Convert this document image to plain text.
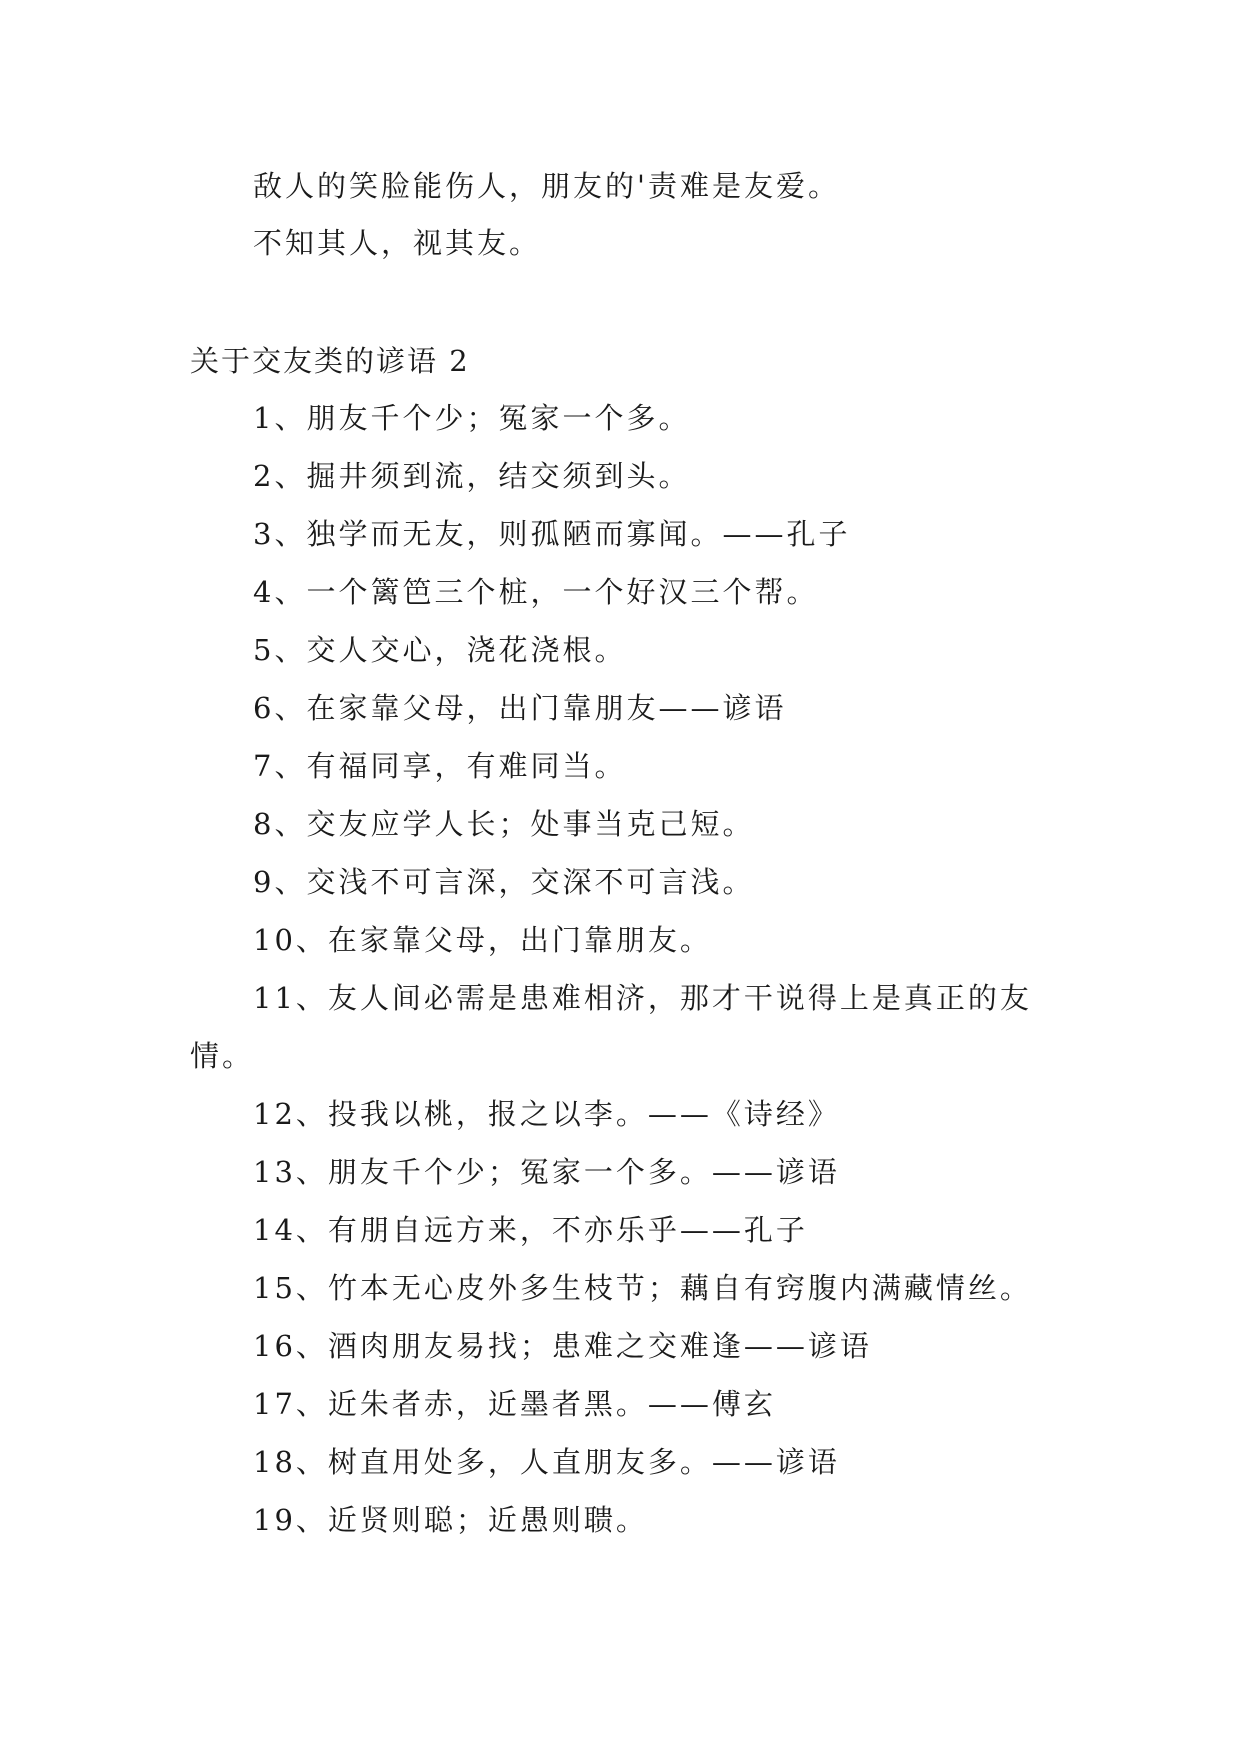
敌人的笑脸能伤人，朋友的'责难是友爱。
不知其人，视其友。
关于交友类的谚语 2
1、朋友千个少；冤家一个多。
2、掘井须到流，结交须到头。
3、独学而无友，则孤陋而寡闻。——孔子
4、一个篱笆三个桩，一个好汉三个帮。
5、交人交心，浇花浇根。
6、在家靠父母，出门靠朋友——谚语
7、有福同享，有难同当。
8、交友应学人长；处事当克己短。
9、交浅不可言深，交深不可言浅。
10、在家靠父母，出门靠朋友。
11、友人间必需是患难相济，那才干说得上是真正的友
情。
12、投我以桃，报之以李。——《诗经》
13、朋友千个少；冤家一个多。——谚语
14、有朋自远方来，不亦乐乎——孔子
15、竹本无心皮外多生枝节；藕自有窍腹内满藏情丝。
16、酒肉朋友易找；患难之交难逢——谚语
17、近朱者赤，近墨者黑。——傅玄
18、树直用处多，人直朋友多。——谚语
19、近贤则聪；近愚则聩。
